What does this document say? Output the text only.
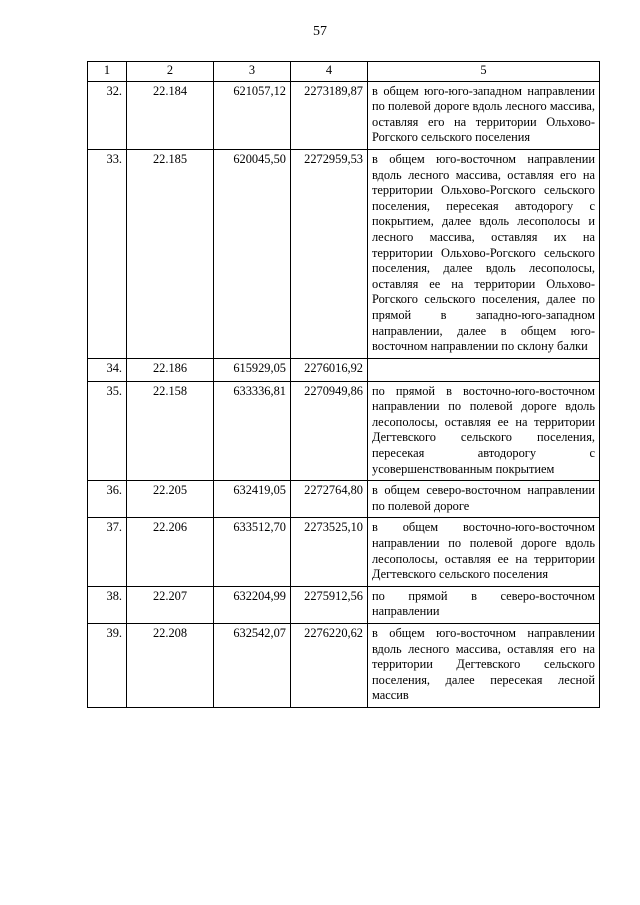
57
1	2	3	4	5
32.	22.184	621057,12	2273189,87	в общем юго-юго-западном направлении по полевой дороге вдоль лесного массива, оставляя его на территории Ольхово-Рогского сельского поселения
33.	22.185	620045,50	2272959,53	в общем юго-восточном направлении вдоль лесного массива, оставляя его на территории Ольхово-Рогского сельского поселения, пересекая автодорогу с покрытием, далее вдоль лесополосы и лесного массива, оставляя их на территории Ольхово-Рогского сельского поселения, далее вдоль лесополосы, оставляя ее на территории Ольхово-Рогского сельского поселения, далее по прямой в западно-юго-западном направлении, далее в общем юго-восточном направлении по склону балки
34.	22.186	615929,05	2276016,92	
35.	22.158	633336,81	2270949,86	по прямой в восточно-юго-восточном направлении по полевой дороге вдоль лесополосы, оставляя ее на территории Дегтевского сельского поселения, пересекая автодорогу с усовершенствованным покрытием
36.	22.205	632419,05	2272764,80	в общем северо-восточном направлении по полевой дороге
37.	22.206	633512,70	2273525,10	в общем восточно-юго-восточном направлении по полевой дороге вдоль лесополосы, оставляя ее на территории Дегтевского сельского поселения
38.	22.207	632204,99	2275912,56	по прямой в северо-восточном направлении
39.	22.208	632542,07	2276220,62	в общем юго-восточном направлении вдоль лесного массива, оставляя его на территории Дегтевского сельского поселения, далее пересекая лесной массив
